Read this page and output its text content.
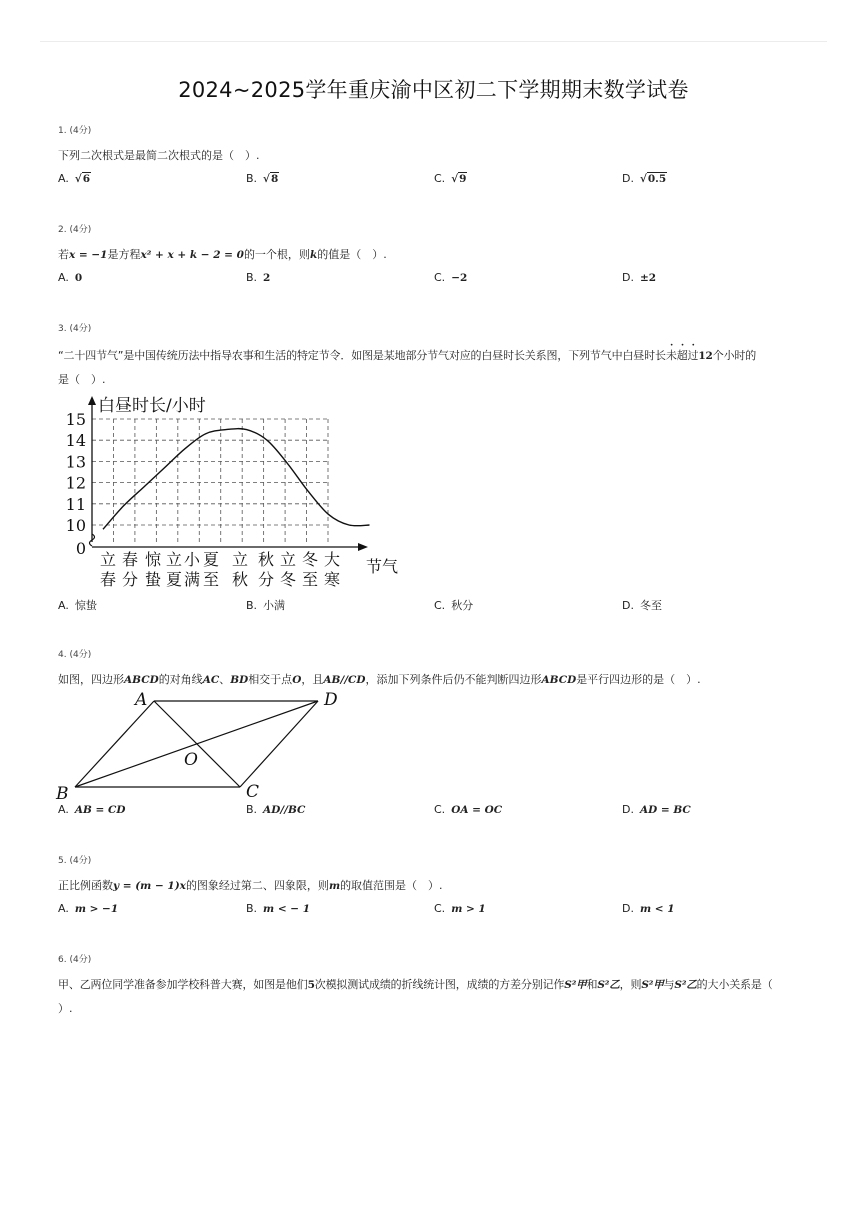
2024~2025学年重庆渝中区初二下学期期末数学试卷
1. (4分)
下列二次根式是最简二次根式的是（　）.
A. √6	B. √8	C. √9	D. √0.5
2. (4分)
若x = −1是方程x² + x + k − 2 = 0的一个根，则k的值是（　）.
A. 0	B. 2	C. −2	D. ±2
3. (4分)
“二十四节气”是中国传统历法中指导农事和生活的特定节令．如图是某地部分节气对应的白昼时长关系图，下列节气中白昼时长未超过12个小时的
是（　）.
15
14
13
12
11
10
0
立
春
春
分
惊
蛰
立
夏
小
满
夏
至
立
秋
秋
分
立
冬
冬
至
大
寒
白昼时长/小时
节气
A. 惊蛰	B. 小满	C. 秋分	D. 冬至
4. (4分)
如图，四边形ABCD的对角线AC、BD相交于点O，且AB//CD，添加下列条件后仍不能判断四边形ABCD是平行四边形的是（　）.
A
B	C
D
O
A. AB = CD	B. AD//BC	C. OA = OC	D. AD = BC
5. (4分)
正比例函数y = (m − 1)x的图象经过第二、四象限，则m的取值范围是（　）.
A. m > −1	B. m < − 1	C. m > 1	D. m < 1
6. (4分)
甲、乙两位同学准备参加学校科普大赛，如图是他们5次模拟测试成绩的折线统计图，成绩的方差分别记作S²甲和S²乙，则S²甲与S²乙的大小关系是（
）.
